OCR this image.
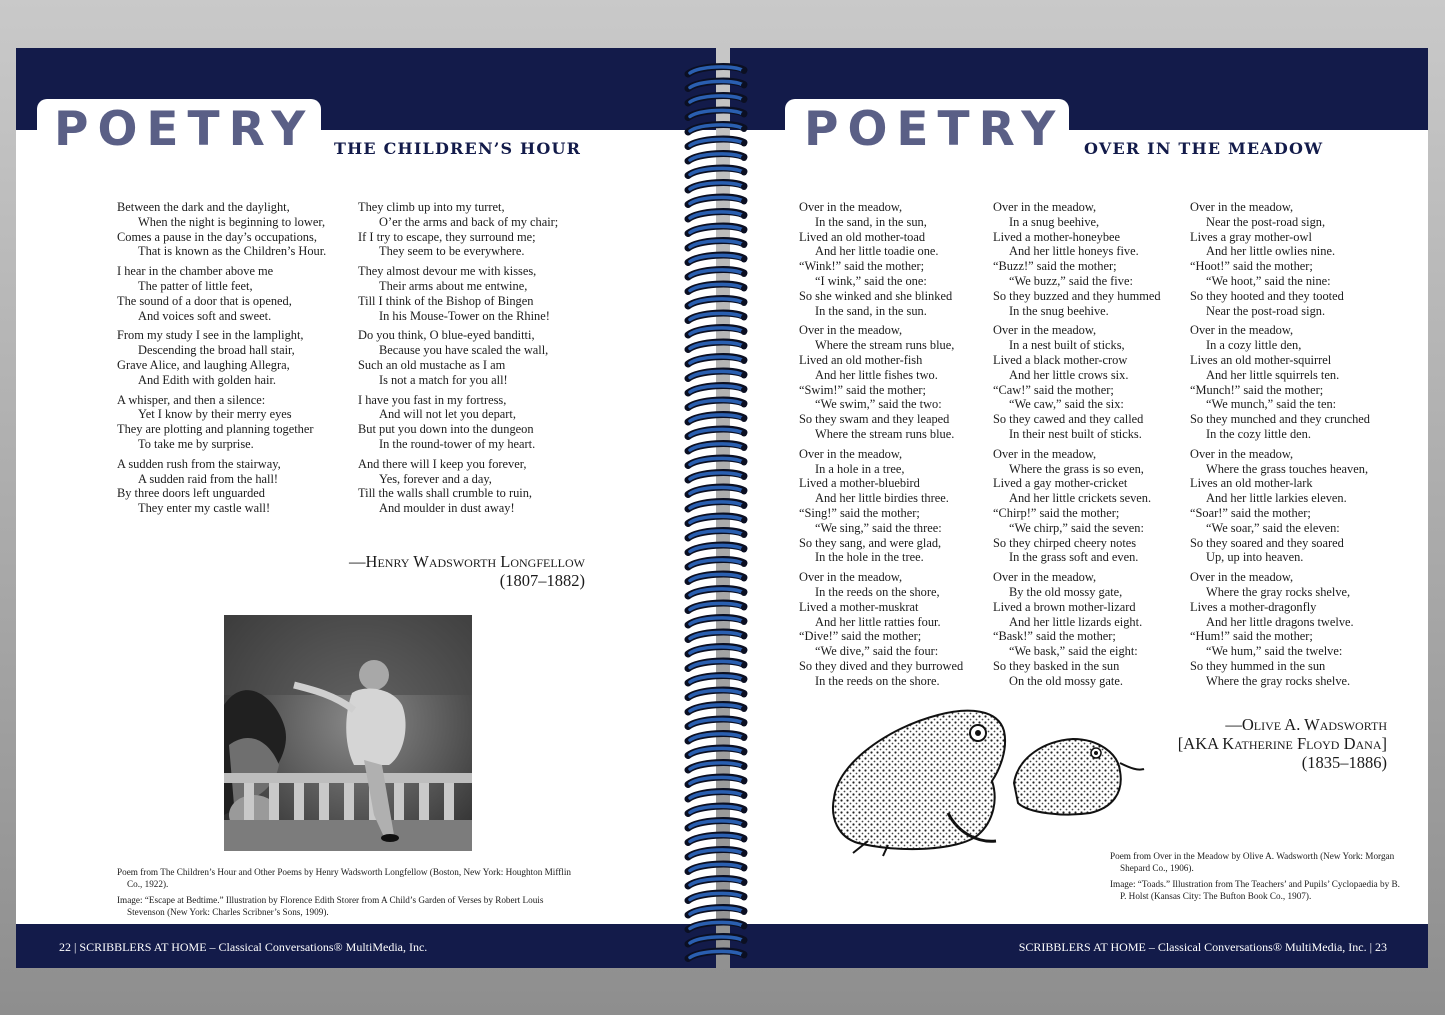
POETRY THE CHILDREN’S HOUR
Between the dark and the daylight,
When the night is beginning to lower,
Comes a pause in the day’s occupations,
That is known as the Children’s Hour.
I hear in the chamber above me
The patter of little feet,
The sound of a door that is opened,
And voices soft and sweet.
From my study I see in the lamplight,
Descending the broad hall stair,
Grave Alice, and laughing Allegra,
And Edith with golden hair.
A whisper, and then a silence:
Yet I know by their merry eyes
They are plotting and planning together
To take me by surprise.
A sudden rush from the stairway,
A sudden raid from the hall!
By three doors left unguarded
They enter my castle wall!
They climb up into my turret,
O’er the arms and back of my chair;
If I try to escape, they surround me;
They seem to be everywhere.
They almost devour me with kisses,
Their arms about me entwine,
Till I think of the Bishop of Bingen
In his Mouse-Tower on the Rhine!
Do you think, O blue-eyed banditti,
Because you have scaled the wall,
Such an old mustache as I am
Is not a match for you all!
I have you fast in my fortress,
And will not let you depart,
But put you down into the dungeon
In the round-tower of my heart.
And there will I keep you forever,
Yes, forever and a day,
Till the walls shall crumble to ruin,
And moulder in dust away!
—Henry Wadsworth Longfellow
(1807–1882)

Poem from The Children’s Hour and Other Poems by Henry Wadsworth Longfellow (Boston, New York: Houghton Mifflin Co., 1922).

Image: “Escape at Bedtime.” Illustration by Florence Edith Storer from A Child’s Garden of Verses by Robert Louis Stevenson (New York: Charles Scribner’s Sons, 1909).

22 | SCRIBBLERS AT HOME – Classical Conversations® MultiMedia, Inc.
POETRY OVER IN THE MEADOW
Over in the meadow,
In the sand, in the sun,
Lived an old mother-toad
And her little toadie one.
“Wink!” said the mother;
“I wink,” said the one:
So she winked and she blinked
In the sand, in the sun.
Over in the meadow,
Where the stream runs blue,
Lived an old mother-fish
And her little fishes two.
“Swim!” said the mother;
“We swim,” said the two:
So they swam and they leaped
Where the stream runs blue.
Over in the meadow,
In a hole in a tree,
Lived a mother-bluebird
And her little birdies three.
“Sing!” said the mother;
“We sing,” said the three:
So they sang, and were glad,
In the hole in the tree.
Over in the meadow,
In the reeds on the shore,
Lived a mother-muskrat
And her little ratties four.
“Dive!” said the mother;
“We dive,” said the four:
So they dived and they burrowed
In the reeds on the shore.
Over in the meadow,
In a snug beehive,
Lived a mother-honeybee
And her little honeys five.
“Buzz!” said the mother;
“We buzz,” said the five:
So they buzzed and they hummed
In the snug beehive.
Over in the meadow,
In a nest built of sticks,
Lived a black mother-crow
And her little crows six.
“Caw!” said the mother;
“We caw,” said the six:
So they cawed and they called
In their nest built of sticks.
Over in the meadow,
Where the grass is so even,
Lived a gay mother-cricket
And her little crickets seven.
“Chirp!” said the mother;
“We chirp,” said the seven:
So they chirped cheery notes
In the grass soft and even.
Over in the meadow,
By the old mossy gate,
Lived a brown mother-lizard
And her little lizards eight.
“Bask!” said the mother;
“We bask,” said the eight:
So they basked in the sun
On the old mossy gate.
Over in the meadow,
Near the post-road sign,
Lives a gray mother-owl
And her little owlies nine.
“Hoot!” said the mother;
“We hoot,” said the nine:
So they hooted and they tooted
Near the post-road sign.
Over in the meadow,
In a cozy little den,
Lives an old mother-squirrel
And her little squirrels ten.
“Munch!” said the mother;
“We munch,” said the ten:
So they munched and they crunched
In the cozy little den.
Over in the meadow,
Where the grass touches heaven,
Lives an old mother-lark
And her little larkies eleven.
“Soar!” said the mother;
“We soar,” said the eleven:
So they soared and they soared
Up, up into heaven.
Over in the meadow,
Where the gray rocks shelve,
Lives a mother-dragonfly
And her little dragons twelve.
“Hum!” said the mother;
“We hum,” said the twelve:
So they hummed in the sun
Where the gray rocks shelve.
—Olive A. Wadsworth
[AKA Katherine Floyd Dana]
(1835–1886)

Poem from Over in the Meadow by Olive A. Wadsworth (New York: Morgan Shepard Co., 1906).

Image: “Toads.” Illustration from The Teachers’ and Pupils’ Cyclopaedia by B. P. Holst (Kansas City: The Bufton Book Co., 1907).

SCRIBBLERS AT HOME – Classical Conversations® MultiMedia, Inc. | 23
